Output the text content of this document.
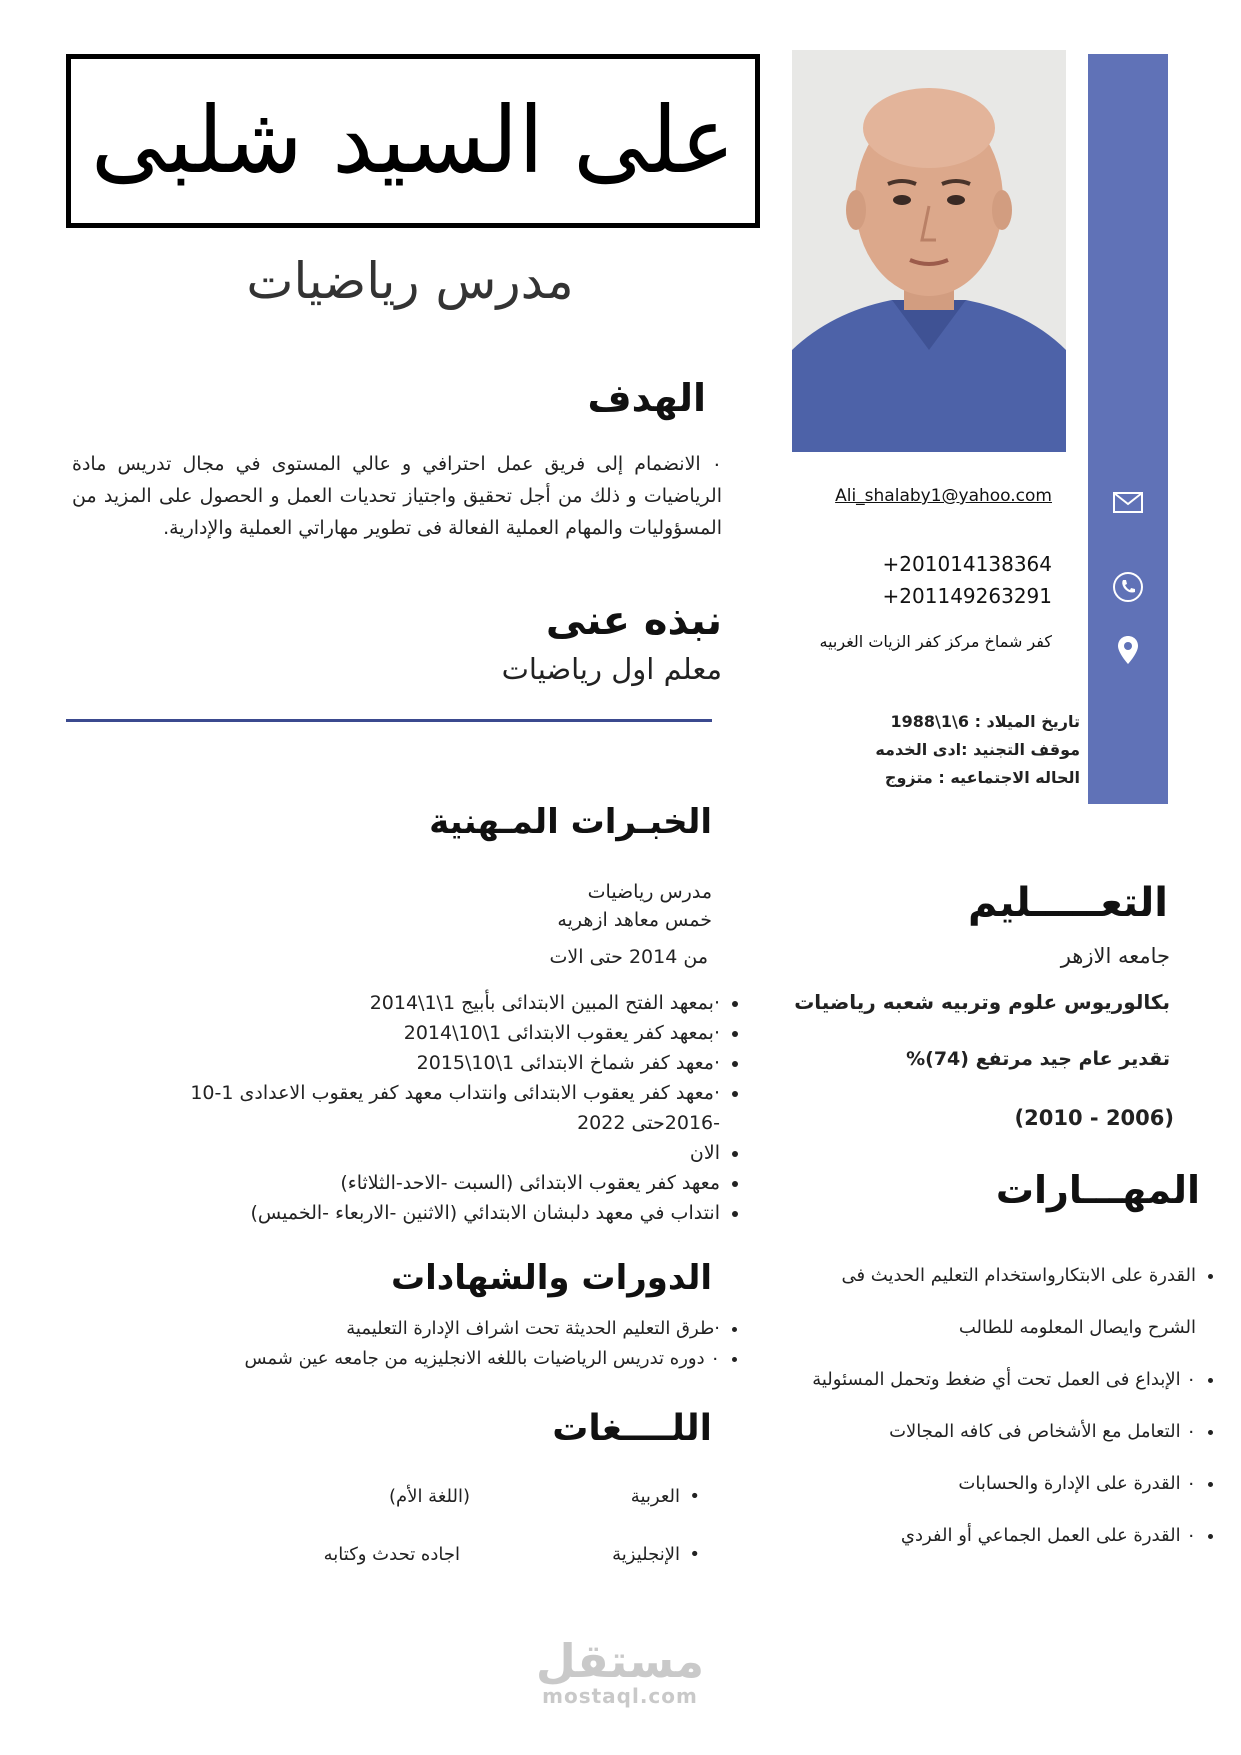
على السيد شلبى
مدرس رياضيات
Ali_shalaby1@yahoo.com
+201014138364
+201149263291
كفر شماخ مركز كفر الزيات الغربيه
تاريخ الميلاد : 6\1\1988
موقف التجنيد :ادى الخدمه
الحاله الاجتماعيه : متزوج
الهدف
٠ الانضمام إلى فريق عمل احترافي و عالي المستوى في مجال تدريس مادة الرياضيات و ذلك من أجل تحقيق واجتياز تحديات العمل و الحصول على المزيد من المسؤوليات والمهام العملية الفعالة فى تطوير مهاراتي العملية والإدارية.
نبذه عنى
معلم اول رياضيات
الخبـرات المـهنية
مدرس رياضيات
خمس معاهد ازهريه
من 2014 حتى الات
• ·بمعهد الفتح المبين الابتدائى بأبيج 1\1\2014
• ·بمعهد كفر يعقوب الابتدائى 1\10\2014
• ·معهد كفر شماخ الابتدائى 1\10\2015
• ·معهد كفر يعقوب الابتدائى وانتداب معهد كفر يعقوب الاعدادى 1-10 -2016حتى 2022
• الان
• معهد كفر يعقوب الابتدائى (السبت -الاحد-الثلاثاء)
• انتداب في معهد دلبشان الابتدائي (الاثنين -الاربعاء -الخميس)
الدورات والشهادات
• ·طرق التعليم الحديثة تحت اشراف الإدارة التعليمية
• ٠ دوره تدريس الرياضيات باللغه الانجليزيه من جامعه عين شمس
اللــــغات
•
العربية
(اللغة الأم)
•
الإنجليزية
اجاده تحدث وكتابه
التعـــــليم
جامعه الازهر
بكالوريوس علوم وتربيه شعبه رياضيات
تقدير عام جيد مرتفع (74)%
(2006 - 2010)
المهـــارات
• القدرة على الابتكارواستخدام التعليم الحديث فى الشرح وايصال المعلومه للطالب
• ٠ الإبداع فى العمل تحت أي ضغط وتحمل المسئولية
• ٠ التعامل مع الأشخاص فى كافه المجالات
• ٠ القدرة على الإدارة والحسابات
• ٠ القدرة على العمل الجماعي أو الفردي
مستقل
mostaql.com
